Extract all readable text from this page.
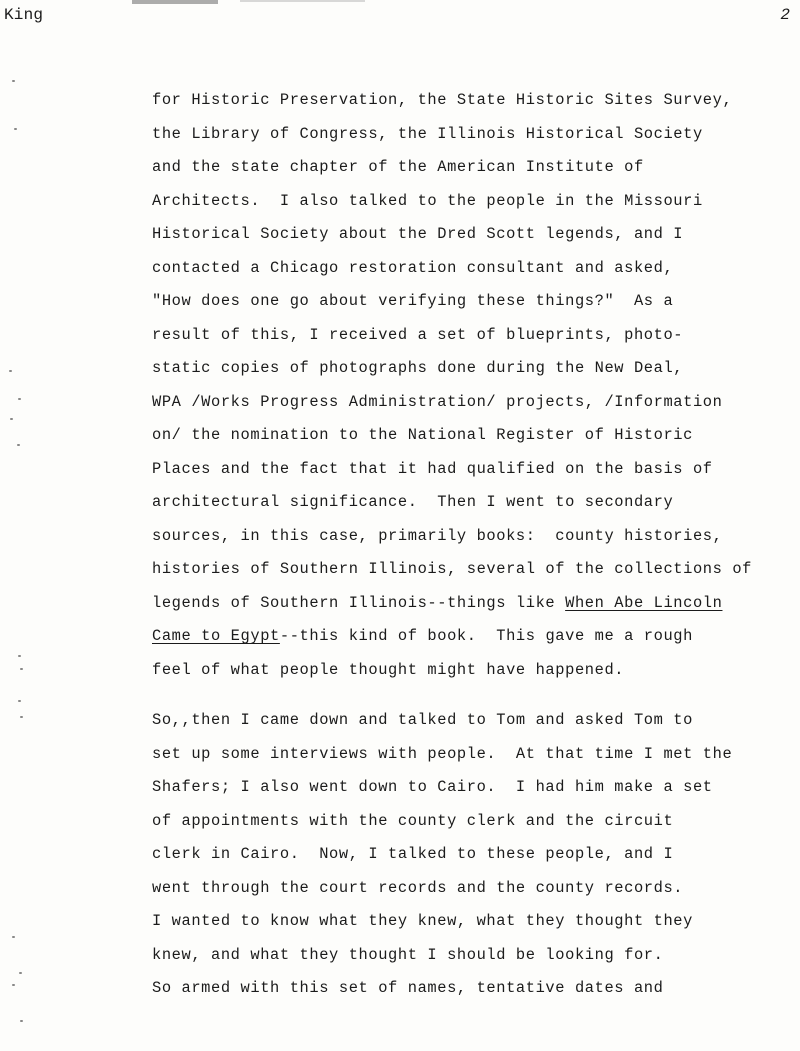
King	2
for Historic Preservation, the State Historic Sites Survey,
the Library of Congress, the Illinois Historical Society
and the state chapter of the American Institute of
Architects.  I also talked to the people in the Missouri
Historical Society about the Dred Scott legends, and I
contacted a Chicago restoration consultant and asked,
"How does one go about verifying these things?"  As a
result of this, I received a set of blueprints, photo-
static copies of photographs done during the New Deal,
WPA /Works Progress Administration/ projects, /Information
on/ the nomination to the National Register of Historic
Places and the fact that it had qualified on the basis of
architectural significance.  Then I went to secondary
sources, in this case, primarily books:  county histories,
histories of Southern Illinois, several of the collections of
legends of Southern Illinois--things like When Abe Lincoln
Came to Egypt--this kind of book.  This gave me a rough
feel of what people thought might have happened.
So,,then I came down and talked to Tom and asked Tom to
set up some interviews with people.  At that time I met the
Shafers; I also went down to Cairo.  I had him make a set
of appointments with the county clerk and the circuit
clerk in Cairo.  Now, I talked to these people, and I
went through the court records and the county records.
I wanted to know what they knew, what they thought they
knew, and what they thought I should be looking for.
So armed with this set of names, tentative dates and
